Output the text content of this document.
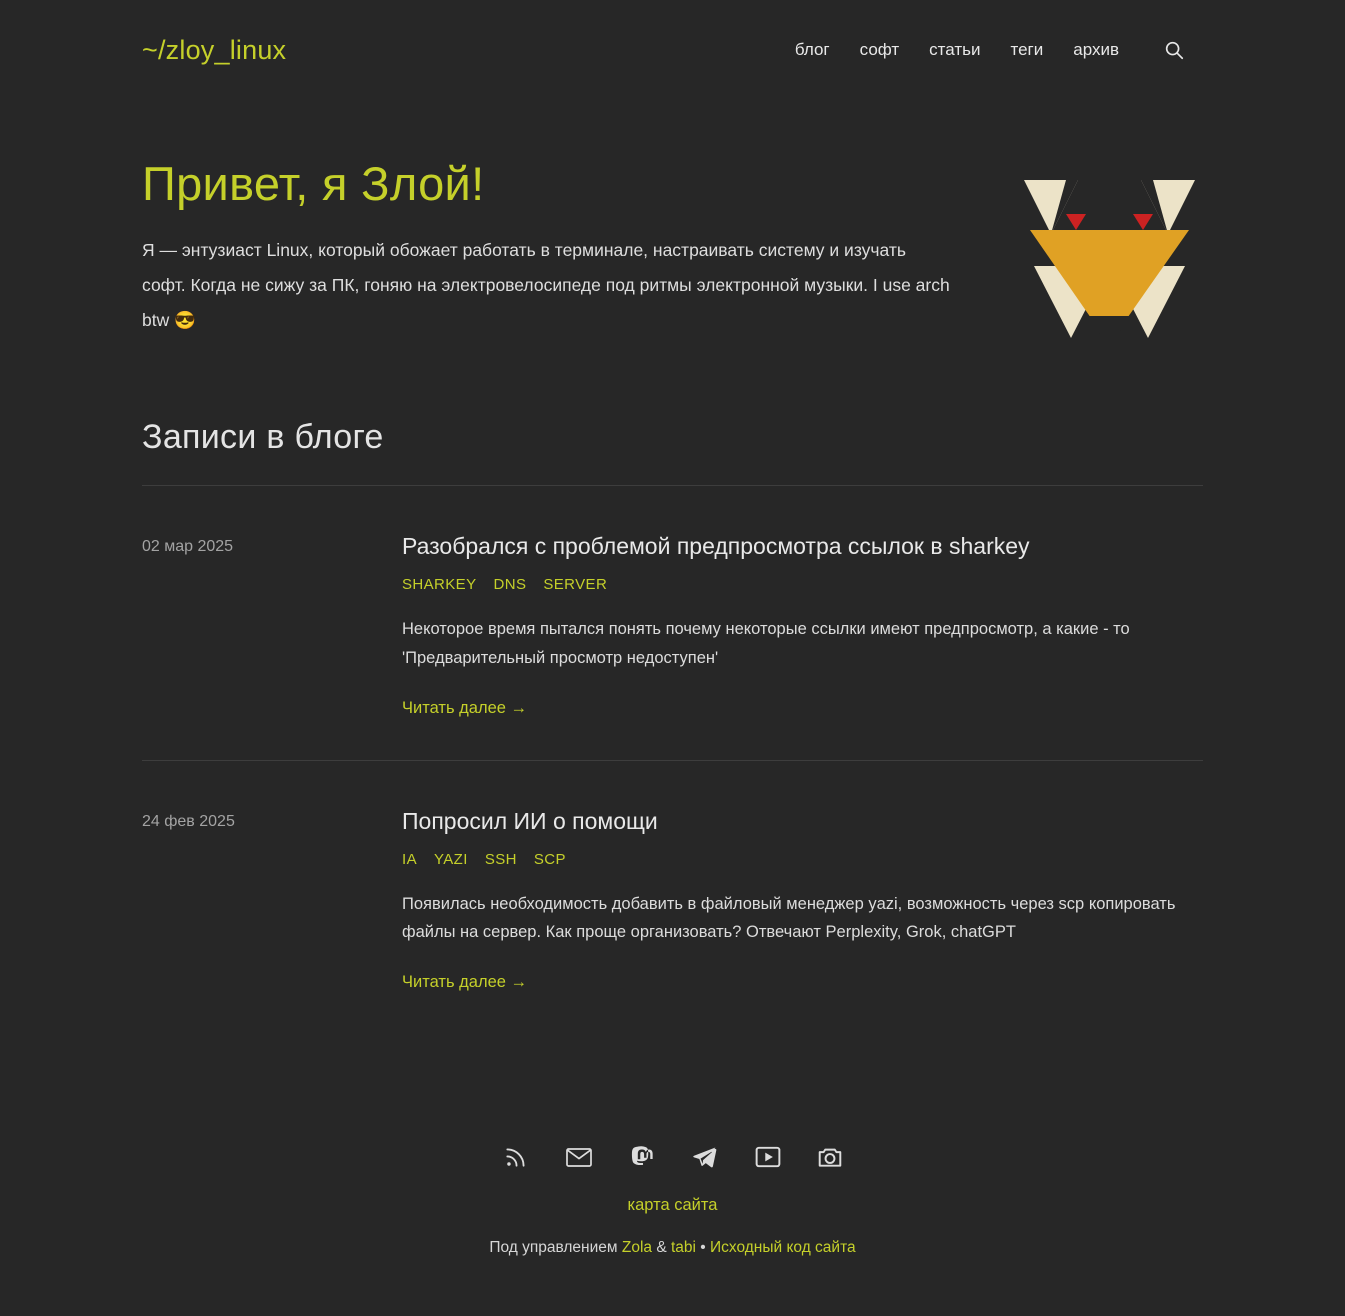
~/zloy_linux	блог софт статьи теги архив
Привет, я Злой!

Я — энтузиаст Linux, который обожает работать в терминале, настраивать систему и изучать софт. Когда не сижу за ПК, гоняю на электровелосипеде под ритмы электронной музыки. I use arch btw 😎

Записи в блоге
02 мар 2025	Разобрался с проблемой предпросмотра ссылок в sharkey
SHARKEY DNS SERVER

Некоторое время пытался понять почему некоторые ссылки имеют предпросмотр, а какие - то 'Предварительный просмотр недоступен'

Читать далее →
24 фев 2025	Попросил ИИ о помощи
IA YAZI SSH SCP

Появилась необходимость добавить в файловый менеджер yazi, возможность через scp копировать файлы на сервер. Как проще организовать? Отвечают Perplexity, Grok, chatGPT

Читать далее →
карта сайта
Под управлением Zola & tabi • Исходный код сайта
